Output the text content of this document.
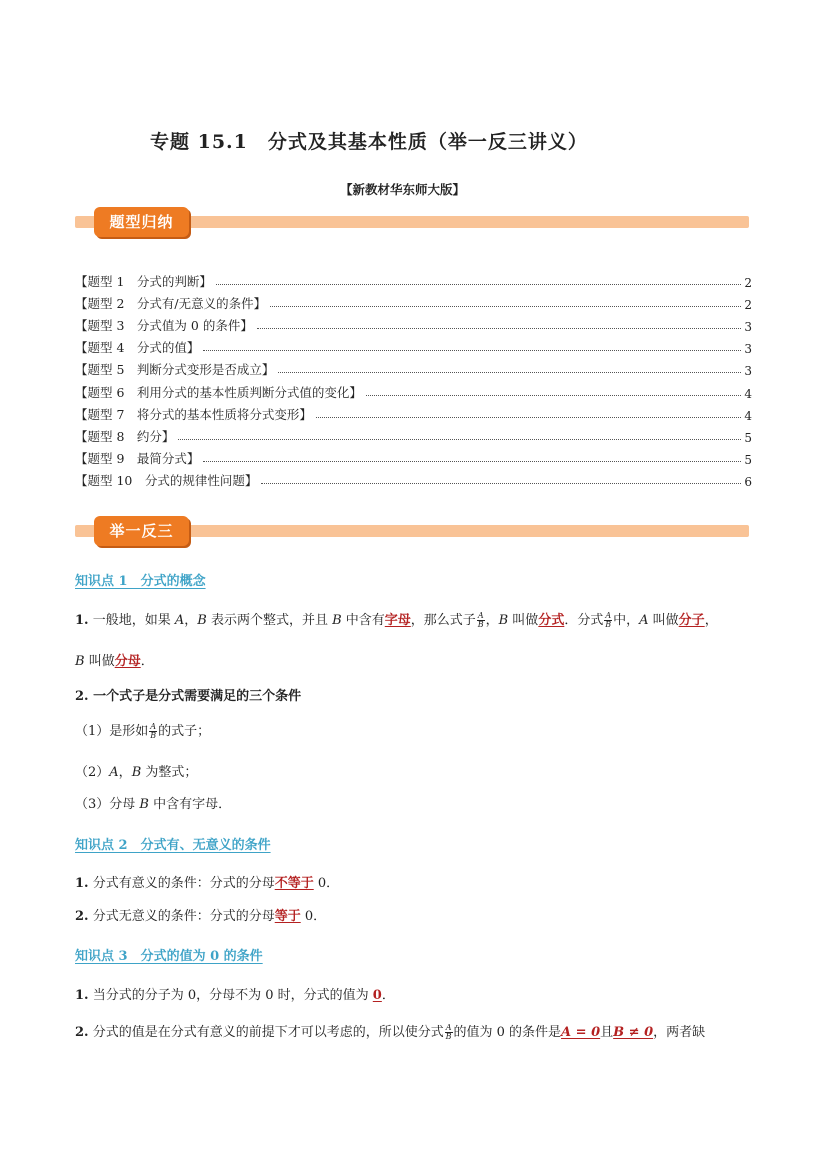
专题 15.1　分式及其基本性质（举一反三讲义）
【新教材华东师大版】
题型归纳
【题型 1　分式的判断】	2
【题型 2　分式有/无意义的条件】	2
【题型 3　分式值为 0 的条件】	3
【题型 4　分式的值】	3
【题型 5　判断分式变形是否成立】	3
【题型 6　利用分式的基本性质判断分式值的变化】	4
【题型 7　将分式的基本性质将分式变形】	4
【题型 8　约分】	5
【题型 9　最简分式】	5
【题型 10　分式的规律性问题】	6
举一反三
知识点 1　分式的概念
1. 一般地，如果 A，B 表示两个整式，并且 B 中含有字母，那么式子 $\frac{A}{B}$ ，B 叫做分式．分式 $\frac{A}{B}$ 中，A 叫做分子，
B 叫做分母．
2. 一个式子是分式需要满足的三个条件
（1）是形如 $\frac{A}{B}$ 的式子；
（2）A，B 为整式；
（3）分母 B 中含有字母．
知识点 2　分式有、无意义的条件
1. 分式有意义的条件：分式的分母不等于 0．
2. 分式无意义的条件：分式的分母等于 0．
知识点 3　分式的值为 0 的条件
1. 当分式的分子为 0，分母不为 0 时，分式的值为 0．
2. 分式的值是在分式有意义的前提下才可以考虑的，所以使分式 $\frac{A}{B}$ 的值为 0 的条件是A = 0且B ≠ 0，两者缺
